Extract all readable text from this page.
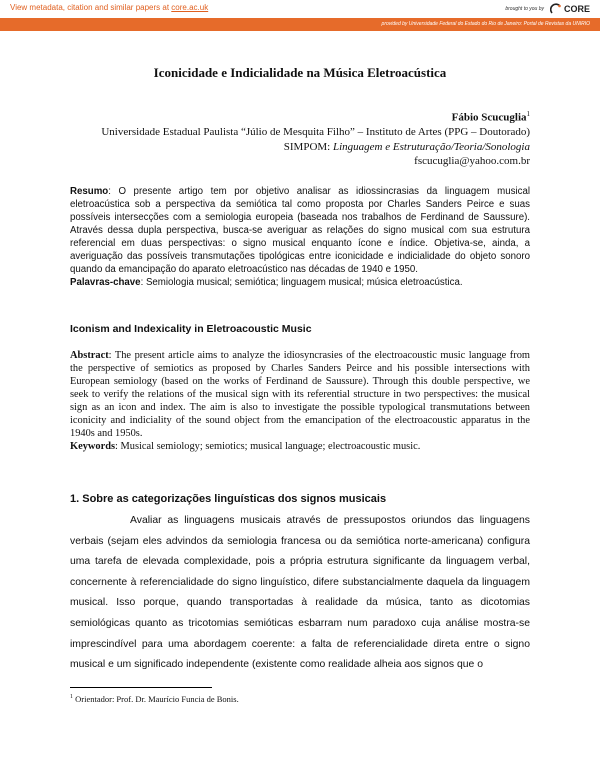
View metadata, citation and similar papers at core.ac.uk	brought to you by CORE
provided by Universidade Federal do Estado do Rio de Janeiro: Portal de Revistas da UNIRIO
Iconicidade e Indicialidade na Música Eletroacústica
Fábio Scucuglia$^1$
Universidade Estadual Paulista “Júlio de Mesquita Filho” – Instituto de Artes (PPG – Doutorado)
SIMPOM: Linguagem e Estruturação/Teoria/Sonologia
fscucuglia@yahoo.com.br
Resumo: O presente artigo tem por objetivo analisar as idiossincrasias da linguagem musical eletroacústica sob a perspectiva da semiótica tal como proposta por Charles Sanders Peirce e suas possíveis intersecções com a semiologia europeia (baseada nos trabalhos de Ferdinand de Saussure). Através dessa dupla perspectiva, busca-se averiguar as relações do signo musical com sua estrutura referencial em duas perspectivas: o signo musical enquanto ícone e índice. Objetiva-se, ainda, a averiguação das possíveis transmutações tipológicas entre iconicidade e indicialidade do objeto sonoro quando da emancipação do aparato eletroacústico nas décadas de 1940 e 1950.
Palavras-chave: Semiologia musical; semiótica; linguagem musical; música eletroacústica.
Iconism and Indexicality in Eletroacoustic Music
Abstract: The present article aims to analyze the idiosyncrasies of the electroacoustic music language from the perspective of semiotics as proposed by Charles Sanders Peirce and his possible intersections with European semiology (based on the works of Ferdinand de Saussure). Through this double perspective, we seek to verify the relations of the musical sign with its referential structure in two perspectives: the musical sign as an icon and index. The aim is also to investigate the possible typological transmutations between iconicity and indiciality of the sound object from the emancipation of the electroacoustic apparatus in the 1940s and 1950s.
Keywords: Musical semiology; semiotics; musical language; electroacoustic music.
1. Sobre as categorizações linguísticas dos signos musicais
Avaliar as linguagens musicais através de pressupostos oriundos das linguagens verbais (sejam eles advindos da semiologia francesa ou da semiótica norte-americana) configura uma tarefa de elevada complexidade, pois a própria estrutura significante da linguagem verbal, concernente à referencialidade do signo linguístico, difere substancialmente daquela da linguagem musical. Isso porque, quando transportadas à realidade da música, tanto as dicotomias semiológicas quanto as tricotomias semióticas esbarram num paradoxo cuja análise mostra-se imprescindível para uma abordagem coerente: a falta de referencialidade direta entre o signo musical e um significado independente (existente como realidade alheia aos signos que o
$^1$ Orientador: Prof. Dr. Maurício Funcia de Bonis.
